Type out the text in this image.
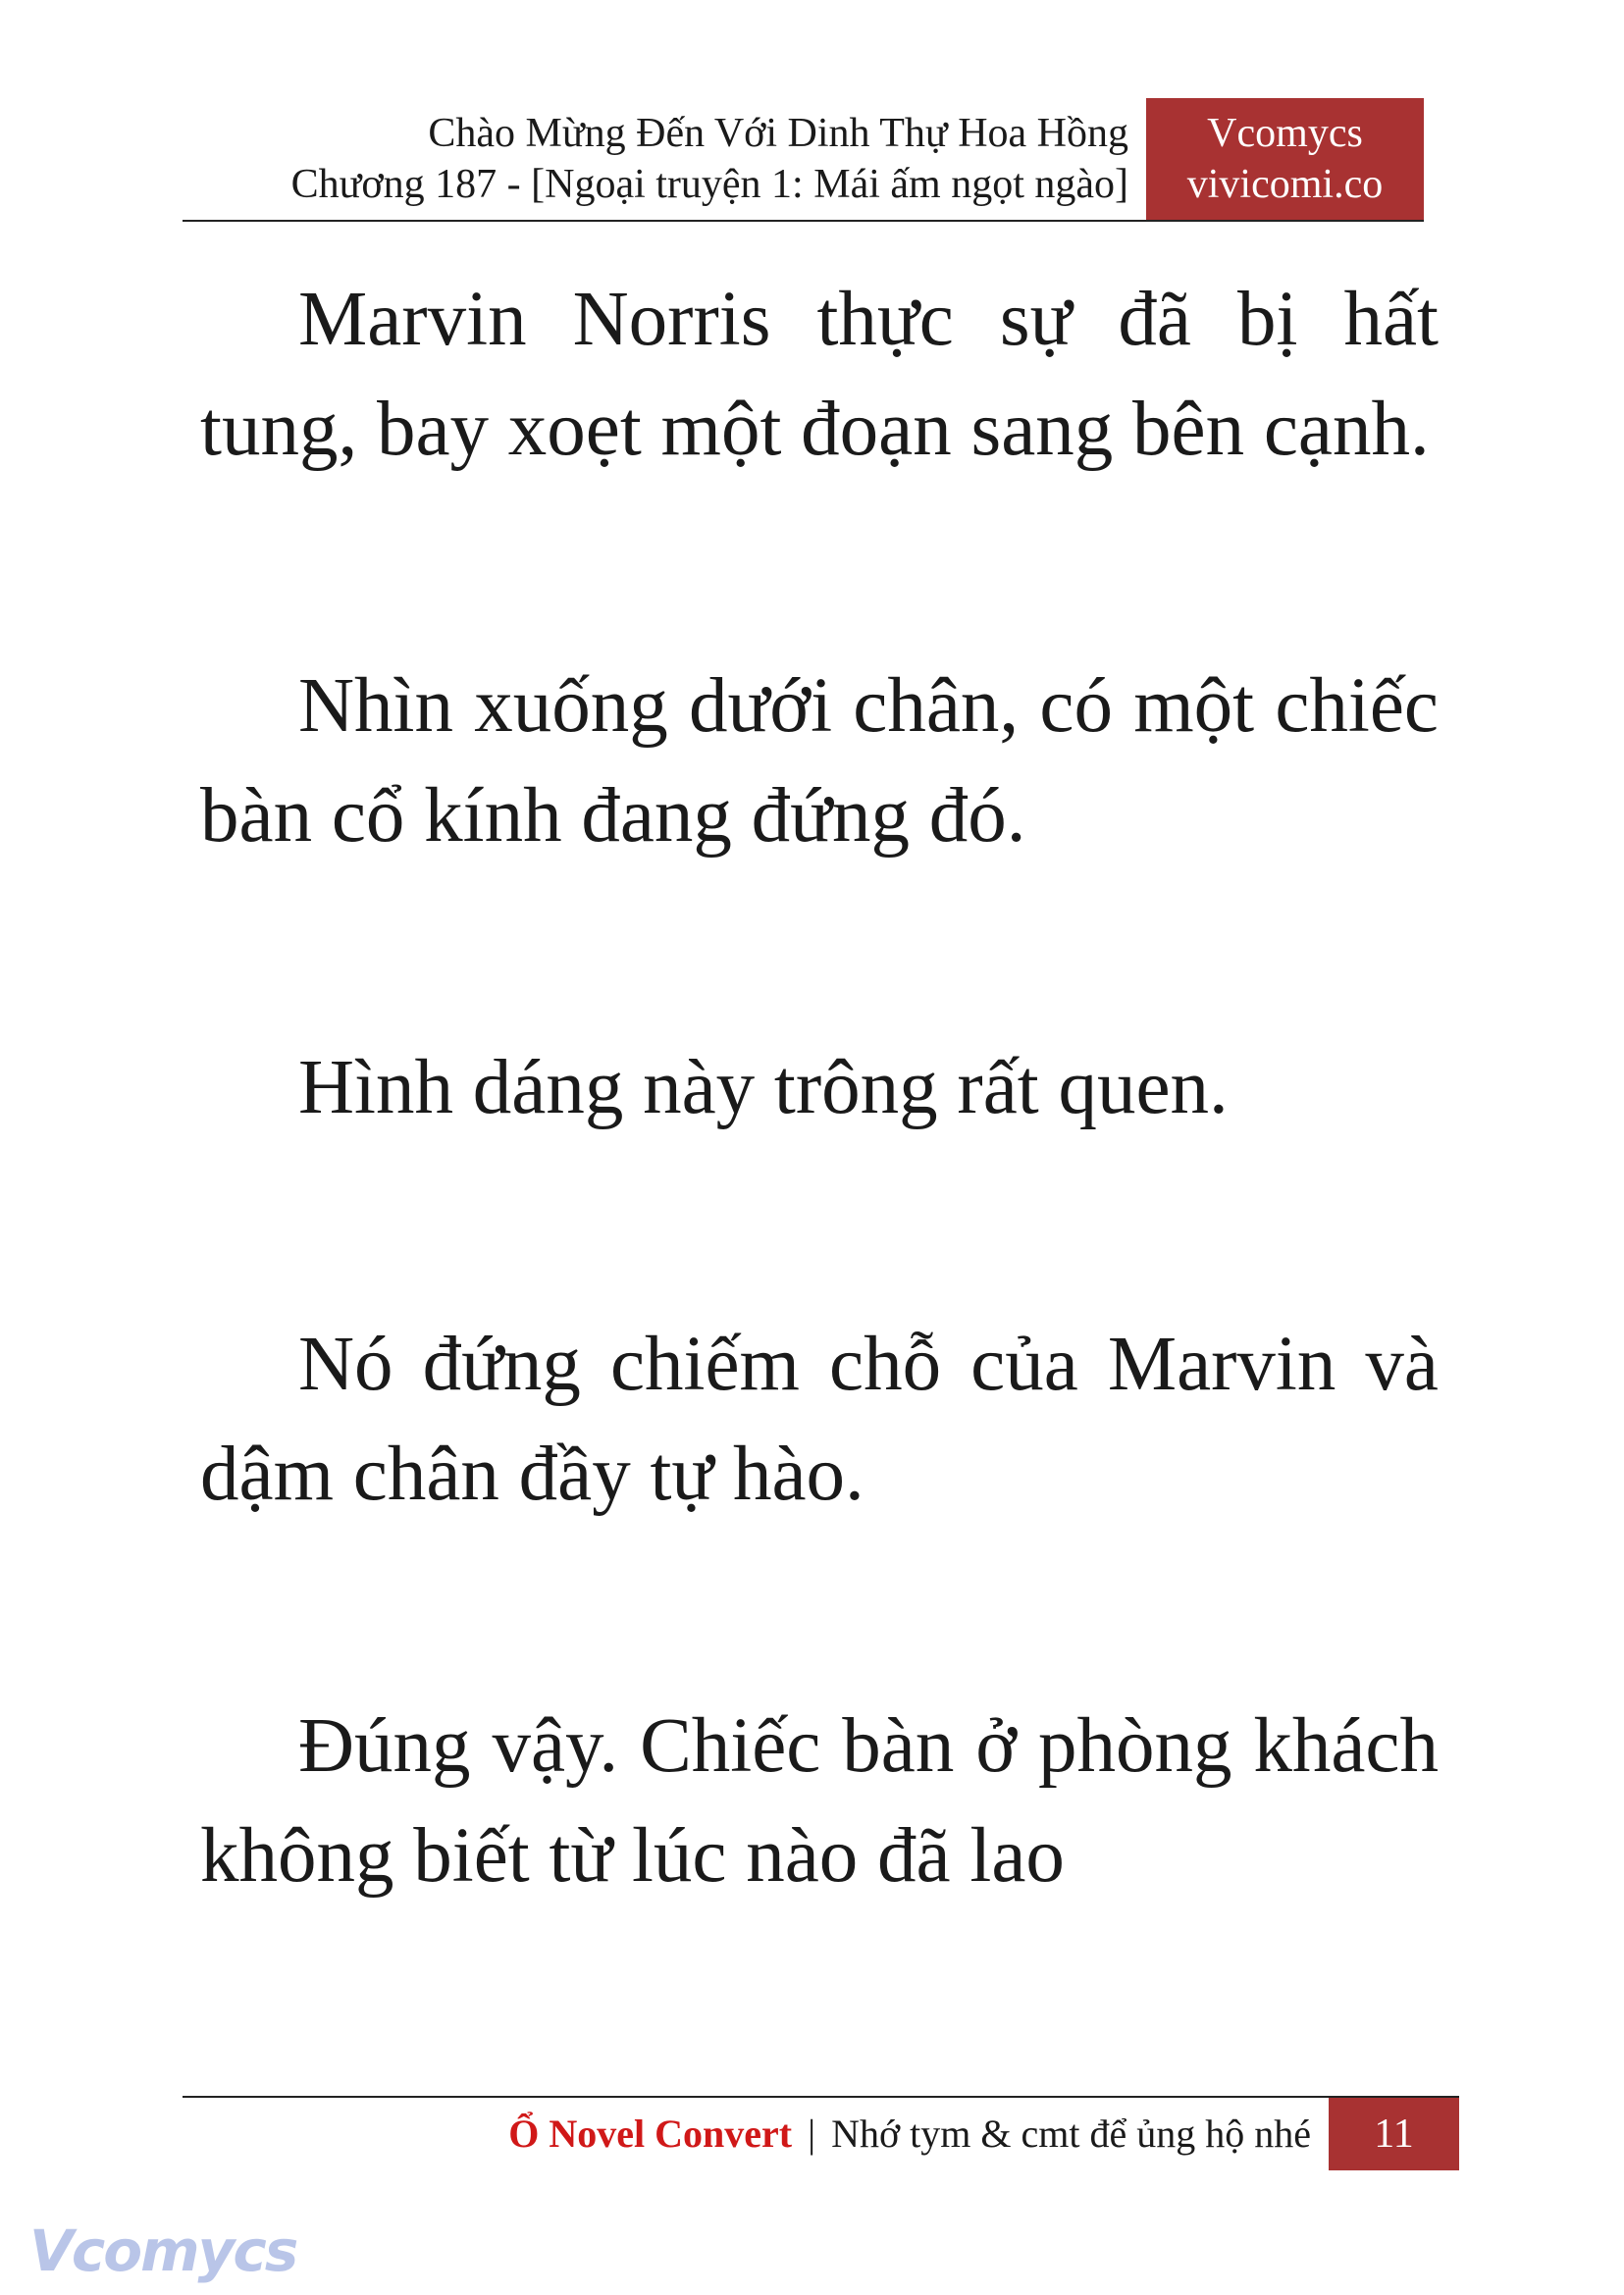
Chào Mừng Đến Với Dinh Thự Hoa Hồng
Chương 187 - [Ngoại truyện 1: Mái ấm ngọt ngào]
Vcomycs
vivicomi.co

Marvin Norris thực sự đã bị hất tung, bay xoẹt một đoạn sang bên cạnh.

Nhìn xuống dưới chân, có một chiếc bàn cổ kính đang đứng đó.

Hình dáng này trông rất quen.

Nó đứng chiếm chỗ của Marvin và dậm chân đầy tự hào.

Đúng vậy. Chiếc bàn ở phòng khách không biết từ lúc nào đã lao

Ổ Novel Convert | Nhớ tym & cmt để ủng hộ nhé	11
Vcomycs
